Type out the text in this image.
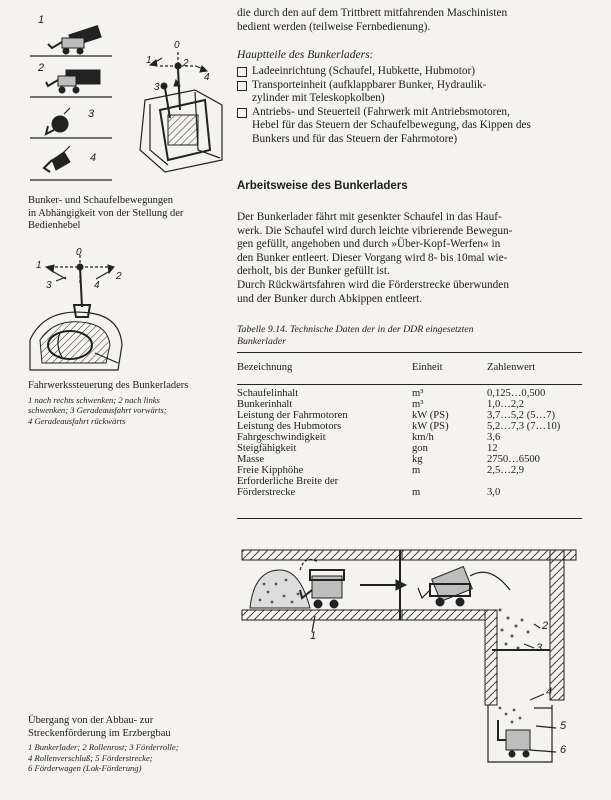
1
2
3
4
0
1	2
3
4
Bunker- und Schaufelbewegungen
in Abhängigkeit von der Stellung der
Bedienhebel
0
1
2
3	4
Fahrwerkssteuerung des Bunkerladers
1 nach rechts schwenken; 2 nach links
schwenken; 3 Geradeausfahrt vorwärts;
4 Geradeausfahrt rückwärts
die durch den auf dem Trittbrett mitfahrenden Maschinisten
bedient werden (teilweise Fernbedienung).
Hauptteile des Bunkerladers:
Ladeeinrichtung (Schaufel, Hubkette, Hubmotor)
Transporteinheit (aufklappbarer Bunker, Hydraulik-
zylinder mit Teleskopkolben)
Antriebs- und Steuerteil (Fahrwerk mit Antriebsmotoren,
Hebel für das Steuern der Schaufelbewegung, das Kippen des
Bunkers und für das Steuern der Fahrmotore)
Arbeitsweise des Bunkerladers
Der Bunkerlader fährt mit gesenkter Schaufel in das Hauf-
werk. Die Schaufel wird durch leichte vibrierende Bewegun-
gen gefüllt, angehoben und durch »Über-Kopf-Werfen« in
den Bunker entleert. Dieser Vorgang wird 8- bis 10mal wie-
derholt, bis der Bunker gefüllt ist.
Durch Rückwärtsfahren wird die Förderstrecke überwunden
und der Bunker durch Abkippen entleert.
Tabelle 9.14. Technische Daten der in der DDR eingesetzten
Bunkerlader
Bezeichnung	Einheit	Zahlenwert

Schaufelinhalt	m³	0,125…0,500
Bunkerinhalt	m³	1,0…2,2
Leistung der Fahrmotoren	kW (PS)	3,7…5,2 (5…7)
Leistung des Hubmotors	kW (PS)	5,2…7,3 (7…10)
Fahrgeschwindigkeit	km/h	3,6
Steigfähigkeit	gon	12
Masse	kg	2750…6500
Freie Kipphöhe	m	2,5…2,9
Erforderliche Breite der		
Förderstrecke	m	3,0
1
2
3
4
5
6
Übergang von der Abbau- zur
Streckenförderung im Erzbergbau
1 Bunkerlader; 2 Rollenrost; 3 Förderrolle;
4 Rollenverschluß; 5 Förderstrecke;
6 Förderwagen (Lok-Förderung)
